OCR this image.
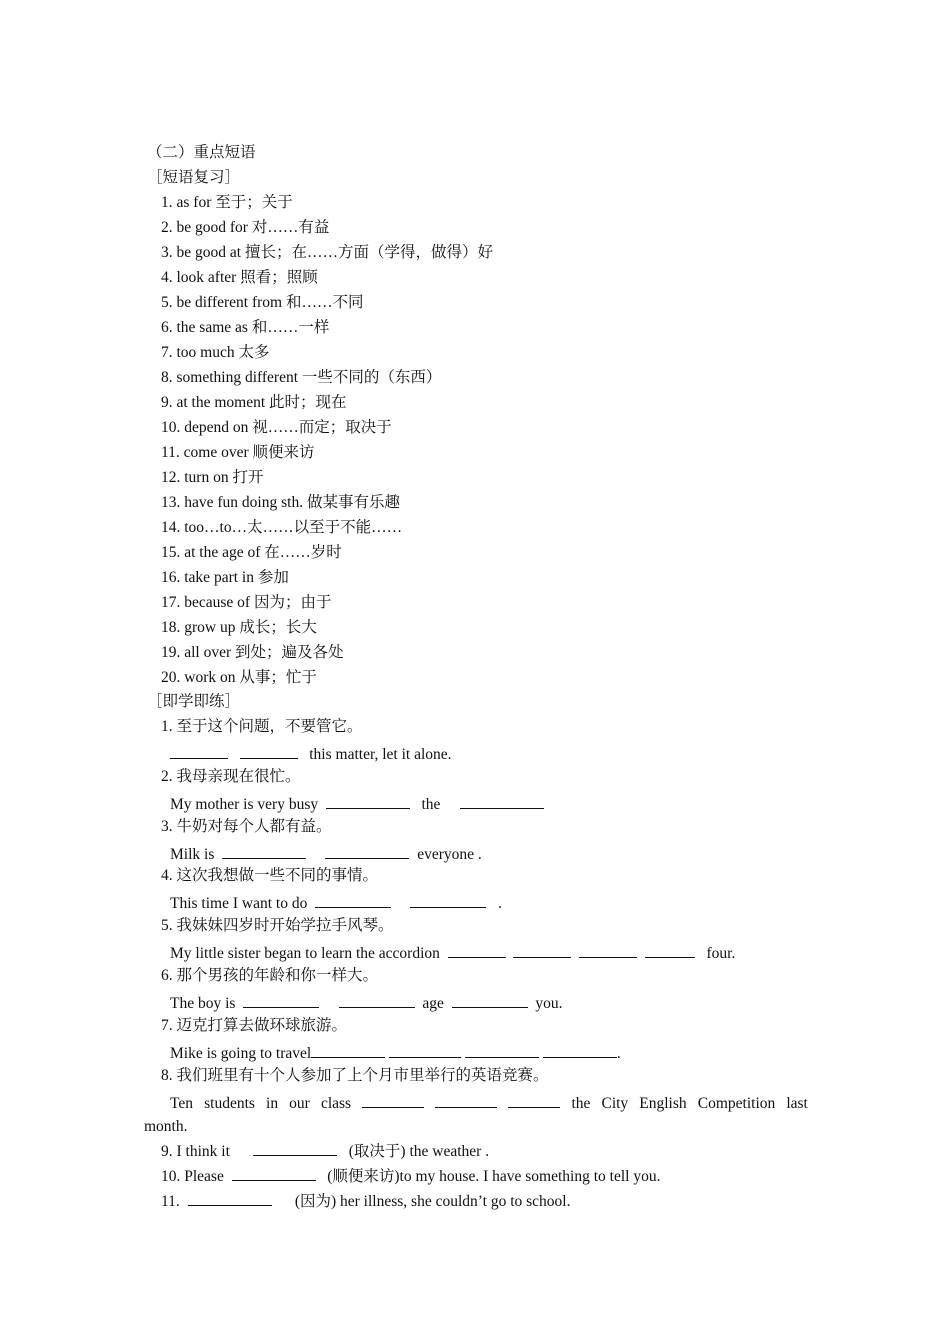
（二）重点短语
［短语复习］
1. as for 至于；关于
2. be good for 对……有益
3. be good at 擅长；在……方面（学得，做得）好
4. look after 照看；照顾
5. be different from 和……不同
6. the same as 和……一样
7. too much 太多
8. something different 一些不同的（东西）
9. at the moment 此时；现在
10. depend on 视……而定；取决于
11. come over 顺便来访
12. turn on 打开
13. have fun doing sth. 做某事有乐趣
14. too…to…太……以至于不能……
15. at the age of 在……岁时
16. take part in 参加
17. because of 因为；由于
18. grow up 成长；长大
19. all over 到处；遍及各处
20. work on 从事；忙于
［即学即练］
1. 至于这个问题，不要管它。
this matter, let it alone.
2. 我母亲现在很忙。
My mother is very busy	the
3. 牛奶对每个人都有益。
Milk is	everyone .
4. 这次我想做一些不同的事情。
This time I want to do	.
5. 我妹妹四岁时开始学拉手风琴。
My little sister began to learn the accordion	four.
6. 那个男孩的年龄和你一样大。
The boy is	age	you.
7. 迈克打算去做环球旅游。
Mike is going to travel	.
8. 我们班里有十个人参加了上个月市里举行的英语竞赛。
Ten students in our class	the City English Competition last
month.
9. I think it	(取决于) the weather .
10. Please	(顺便来访)to my house. I have something to tell you.
11.	(因为) her illness, she couldn’t go to school.
